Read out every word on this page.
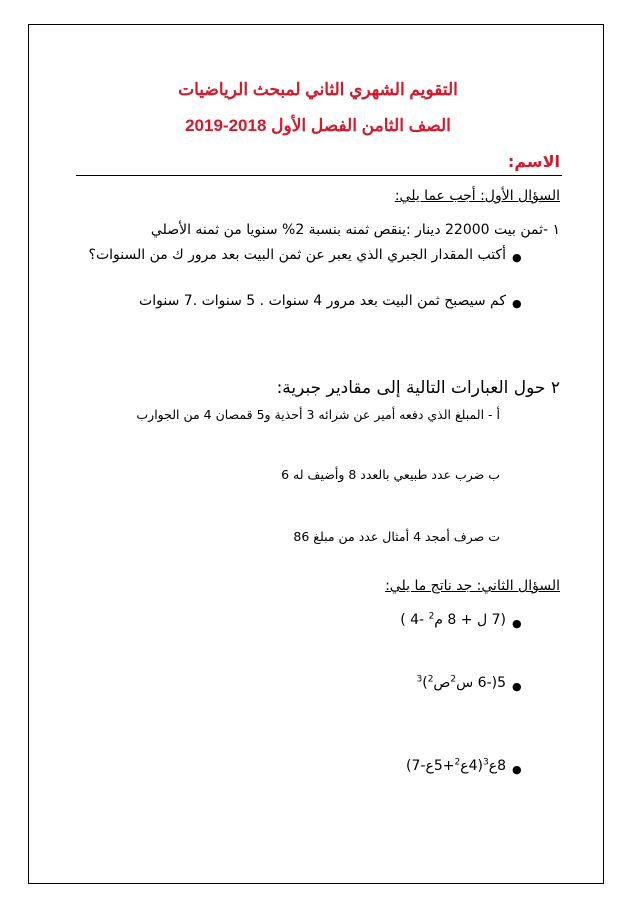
التقويم الشهري الثاني لمبحث الرياضيات
الصف الثامن الفصل الأول 2018-2019
الاسم:
السؤال الأول: أجب عما يلي:
١ -ثمن بيت 22000 دينار :ينقص ثمنه بنسبة 2% سنويا من ثمنه الأصلي
●
أكتب المقدار الجبري الذي يعبر عن ثمن البيت بعد مرور ك من السنوات؟
●
كم سيصبح ثمن البيت بعد مرور 4 سنوات . 5 سنوات .7 سنوات
٢ حول العبارات التالية إلى مقادير جبرية:
أ - المبلغ الذي دفعه أمير عن شرائه 3 أحذية و5 قمصان 4 من الجوارب
ب ضرب عدد طبيعي بالعدد 8 وأضيف له 6
ت صرف أمجد 4 أمثال عدد من مبلغ 86
السؤال الثاني: جد ناتج ما يلي:
●
(7 ل + 8 م$^2$ -4 )
●
5(-6 س$^2$ص$^2$)$^3$
●
8ع$^3$(4ع$^2$+5ع-7)
